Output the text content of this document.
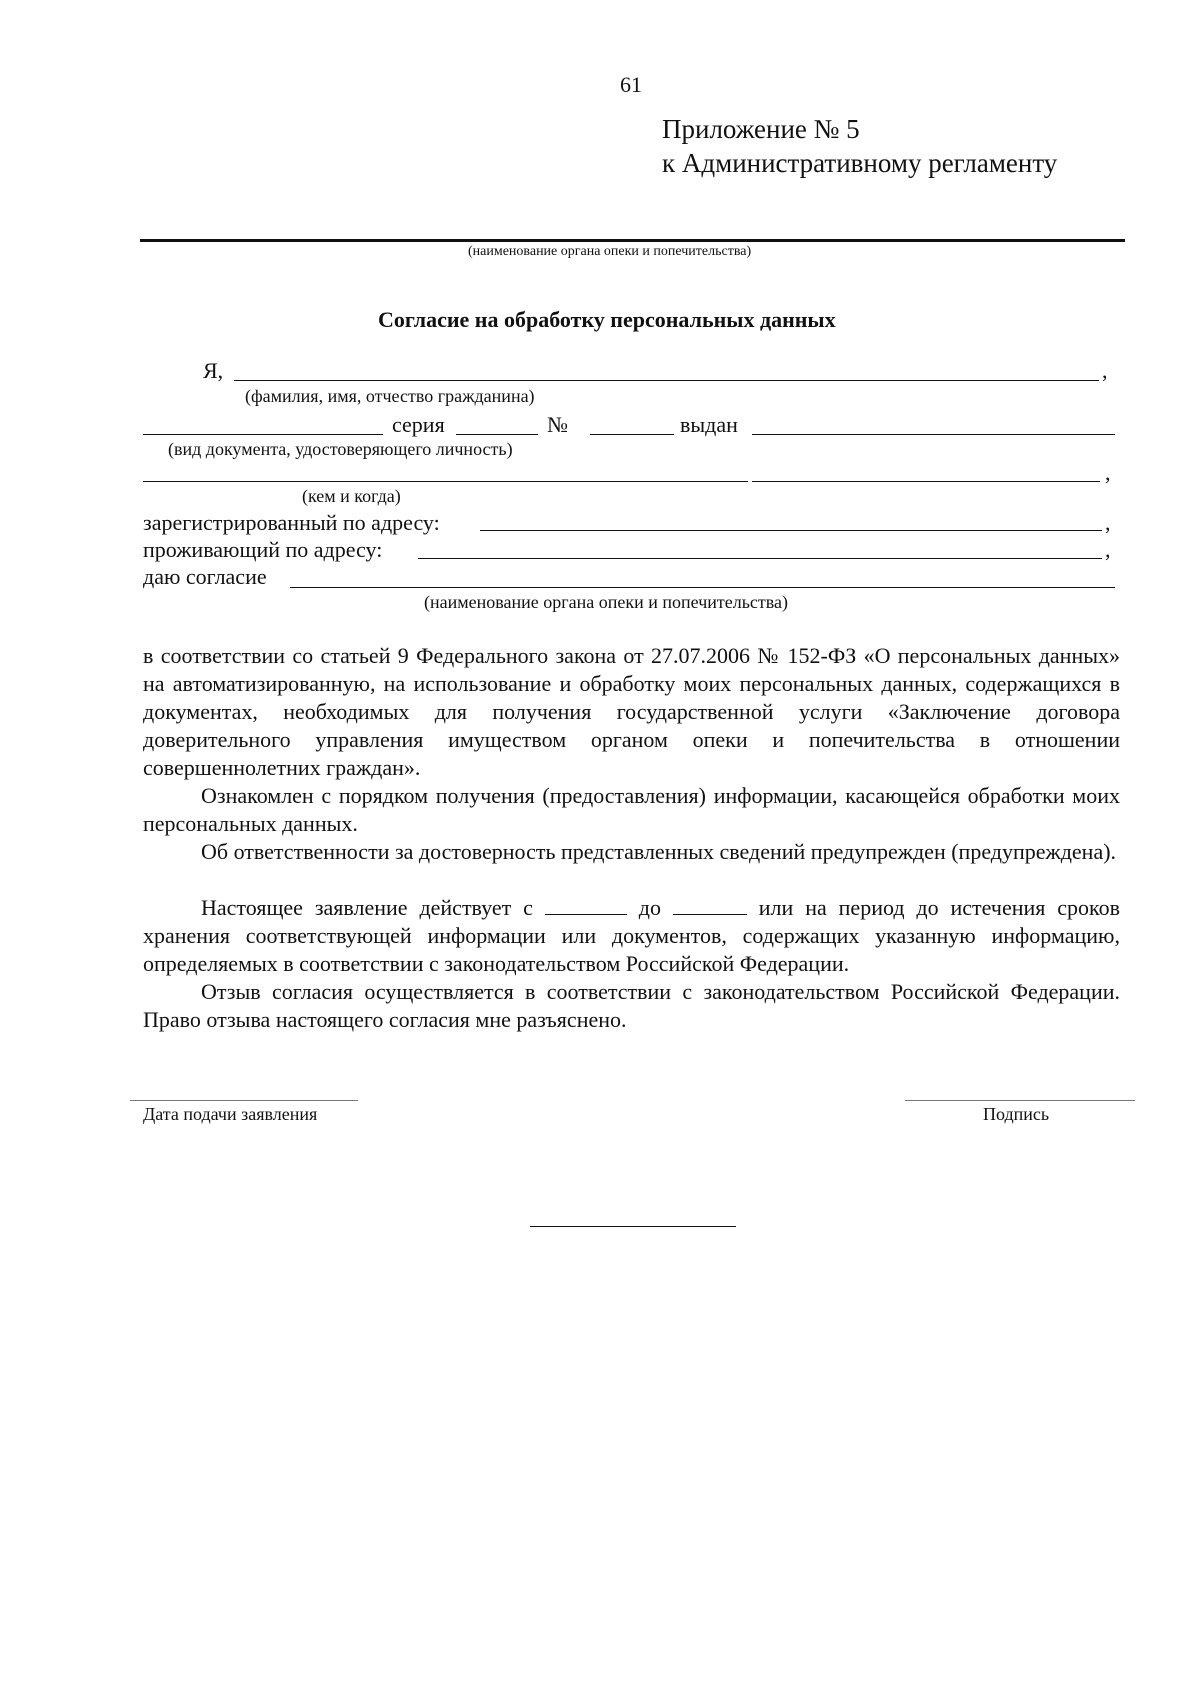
61
Приложение № 5
к Административному регламенту
(наименование органа опеки и попечительства)
Согласие на обработку персональных данных
Я,	,
(фамилия, имя, отчество гражданина)
серия	№	выдан
(вид документа, удостоверяющего личность)
,
(кем и когда)
зарегистрированный по адресу:	,
проживающий по адресу:	,
даю согласие
(наименование органа опеки и попечительства)
в соответствии со статьей 9 Федерального закона от 27.07.2006 № 152-ФЗ «О персональных данных» на автоматизированную, на использование и обработку моих персональных данных, содержащихся в документах, необходимых для получения государственной услуги «Заключение договора доверительного управления имуществом органом опеки и попечительства в отношении совершеннолетних граждан».
Ознакомлен с порядком получения (предоставления) информации, касающейся обработки моих персональных данных.
Об ответственности за достоверность представленных сведений предупрежден (предупреждена).
Настоящее заявление действует с	до	или на период до истечения сроков хранения соответствующей информации или документов, содержащих указанную информацию, определяемых в соответствии с законодательством Российской Федерации.
Отзыв согласия осуществляется в соответствии с законодательством Российской Федерации. Право отзыва настоящего согласия мне разъяснено.
Дата подачи заявления	Подпись
